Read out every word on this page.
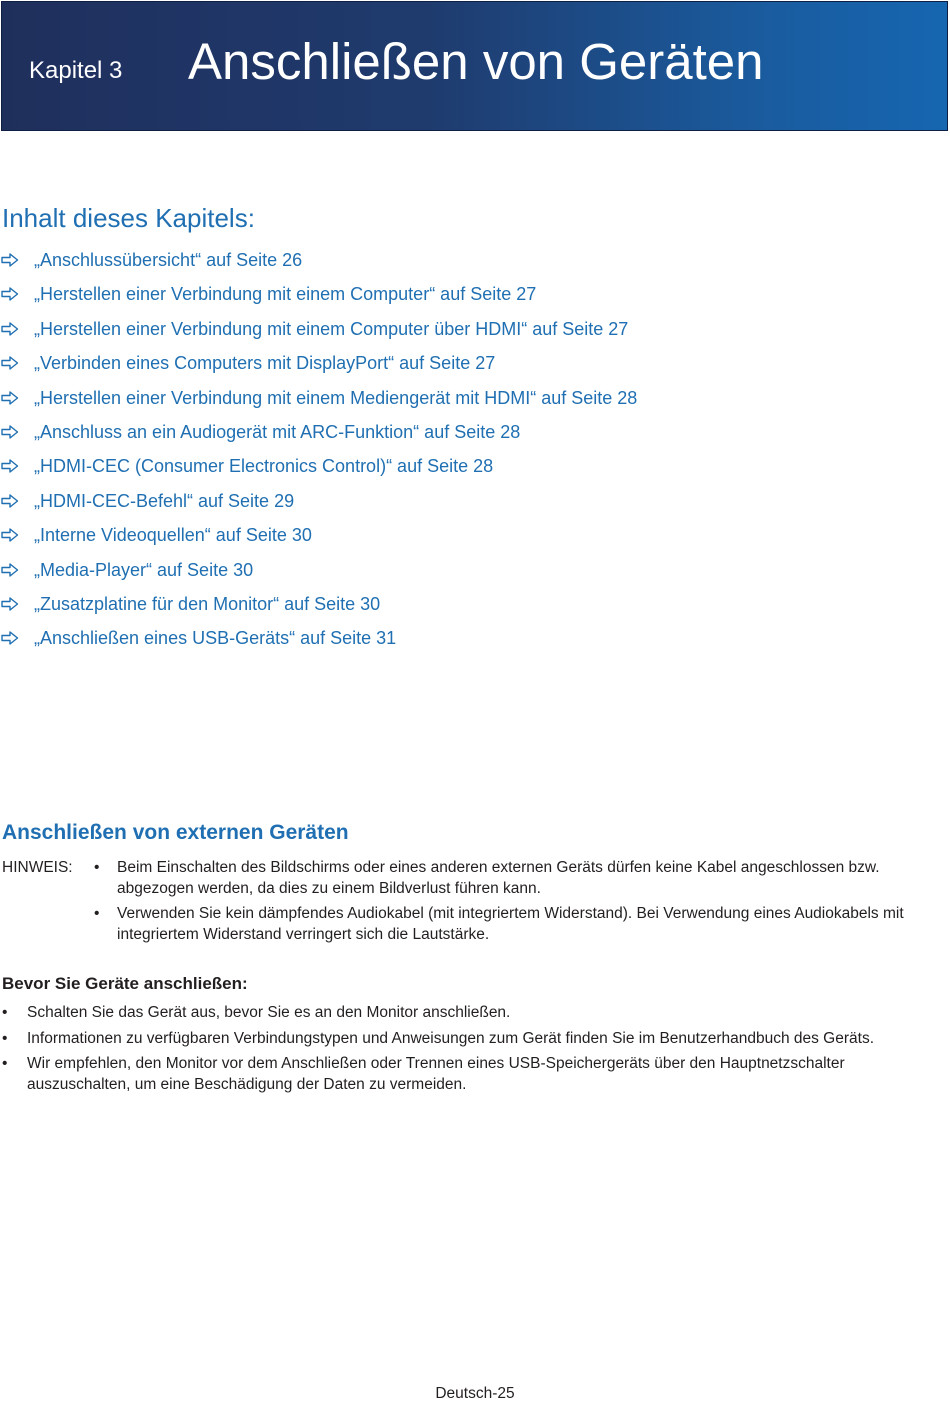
Kapitel 3 Anschließen von Geräten
Inhalt dieses Kapitels:
„Anschlussübersicht“ auf Seite 26
„Herstellen einer Verbindung mit einem Computer“ auf Seite 27
„Herstellen einer Verbindung mit einem Computer über HDMI“ auf Seite 27
„Verbinden eines Computers mit DisplayPort“ auf Seite 27
„Herstellen einer Verbindung mit einem Mediengerät mit HDMI“ auf Seite 28
„Anschluss an ein Audiogerät mit ARC-Funktion“ auf Seite 28
„HDMI-CEC (Consumer Electronics Control)“ auf Seite 28
„HDMI-CEC-Befehl“ auf Seite 29
„Interne Videoquellen“ auf Seite 30
„Media-Player“ auf Seite 30
„Zusatzplatine für den Monitor“ auf Seite 30
„Anschließen eines USB-Geräts“ auf Seite 31
Anschließen von externen Geräten
HINWEIS: • Beim Einschalten des Bildschirms oder eines anderen externen Geräts dürfen keine Kabel angeschlossen bzw. abgezogen werden, da dies zu einem Bildverlust führen kann.
• Verwenden Sie kein dämpfendes Audiokabel (mit integriertem Widerstand). Bei Verwendung eines Audiokabels mit integriertem Widerstand verringert sich die Lautstärke.
Bevor Sie Geräte anschließen:
• Schalten Sie das Gerät aus, bevor Sie es an den Monitor anschließen.
• Informationen zu verfügbaren Verbindungstypen und Anweisungen zum Gerät finden Sie im Benutzerhandbuch des Geräts.
• Wir empfehlen, den Monitor vor dem Anschließen oder Trennen eines USB-Speichergeräts über den Hauptnetzschalter auszuschalten, um eine Beschädigung der Daten zu vermeiden.
Deutsch-25
